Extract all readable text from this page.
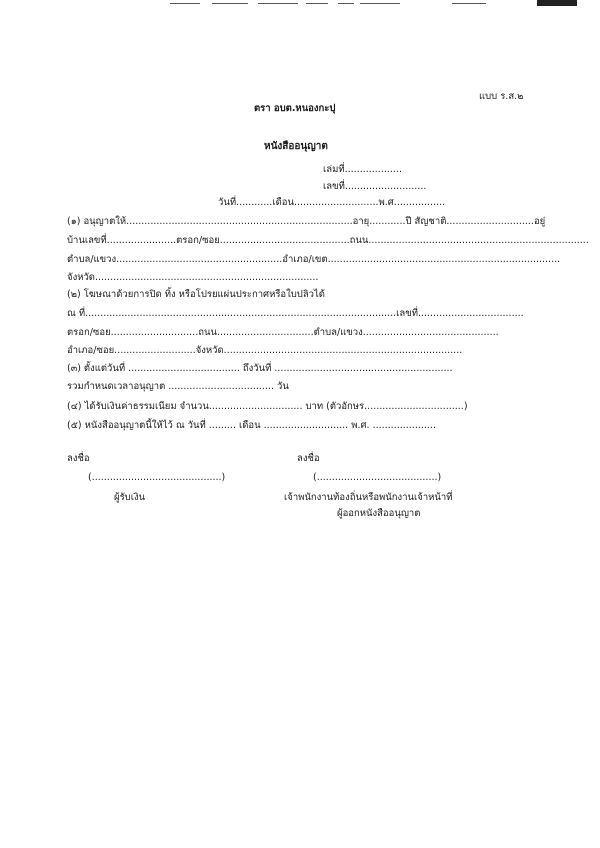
แบบ ร.ส.๒
ตรา อบต.หนองกะปุ
หนังสืออนุญาต
เล่มที่...................
เลขที่...........................
วันที่............เดือน............................พ.ศ.................
(๑) อนุญาตให้...........................................................................อายุ............ปี สัญชาติ.............................อยู่
บ้านเลขที่.......................ตรอก/ซอย...........................................ถนน.........................................................................
ตำบล/แขวง.......................................................อำเภอ/เขต.............................................................................
จังหวัด..........................................................................
(๒) โฆษณาด้วยการปิด ทิ้ง หรือโปรยแผ่นประกาศหรือใบปลิวได้
ณ ที่.......................................................................................................เลขที่...................................
ตรอก/ซอย.............................ถนน................................ตำบล/แขวง.............................................
อำเภอ/ซอย...........................จังหวัด...............................................................................
(๓) ตั้งแต่วันที่ ..................................... ถึงวันที่ ...........................................................
รวมกำหนดเวลาอนุญาต ................................... วัน
(๔) ได้รับเงินค่าธรรมเนียม จำนวน............................... บาท (ตัวอักษร.................................)
(๕) หนังสืออนุญาตนี้ให้ไว้ ณ วันที่ ......... เดือน ............................ พ.ศ. .....................
ลงชื่อ
(...........................................)
ผู้รับเงิน
ลงชื่อ
(........................................)
เจ้าพนักงานท้องถิ่นหรือพนักงานเจ้าหน้าที่
ผู้ออกหนังสืออนุญาต
